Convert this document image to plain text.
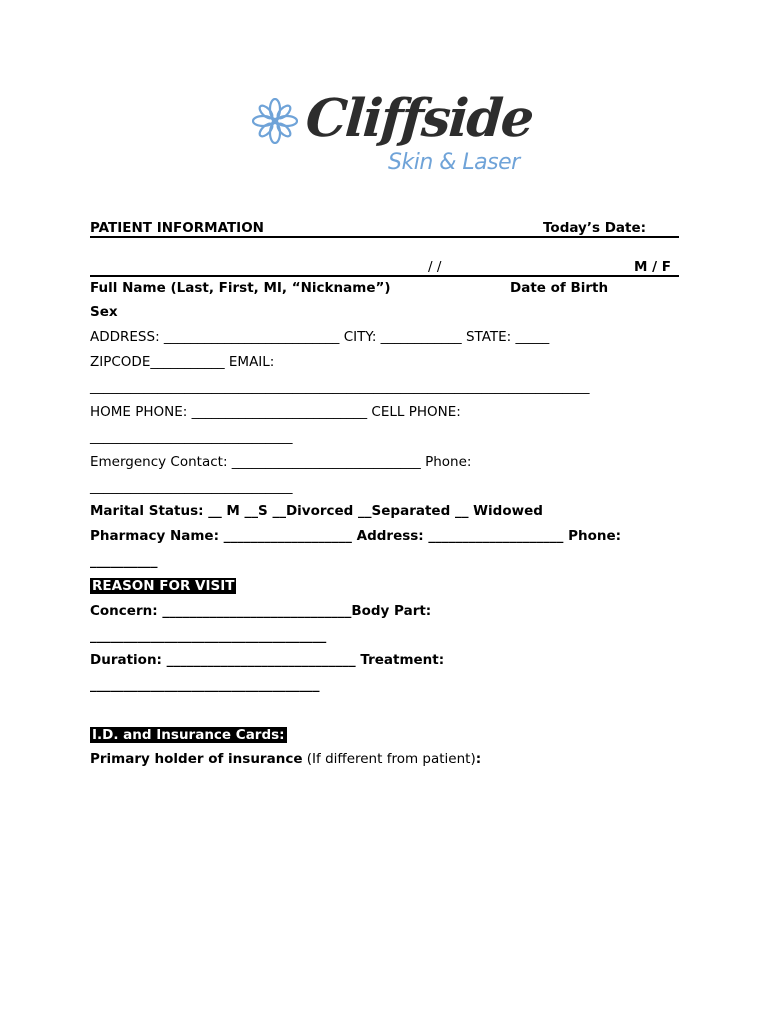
Cliffside
Skin & Laser
PATIENT INFORMATION	Today’s Date:
/ /	M / F
Full Name (Last, First, MI, “Nickname”)	Date of Birth
Sex
ADDRESS: __________________________ CITY: ____________ STATE: _____
ZIPCODE___________ EMAIL:
__________________________________________________________________________
HOME PHONE: __________________________ CELL PHONE:
______________________________
Emergency Contact: ____________________________ Phone:
______________________________
Marital Status: __ M __S __Divorced __Separated __ Widowed
Pharmacy Name: ___________________ Address: ____________________ Phone:
__________
REASON FOR VISIT
Concern: ____________________________Body Part:
___________________________________
Duration: ____________________________ Treatment:
__________________________________
I.D. and Insurance Cards:
Primary holder of insurance (If different from patient):
